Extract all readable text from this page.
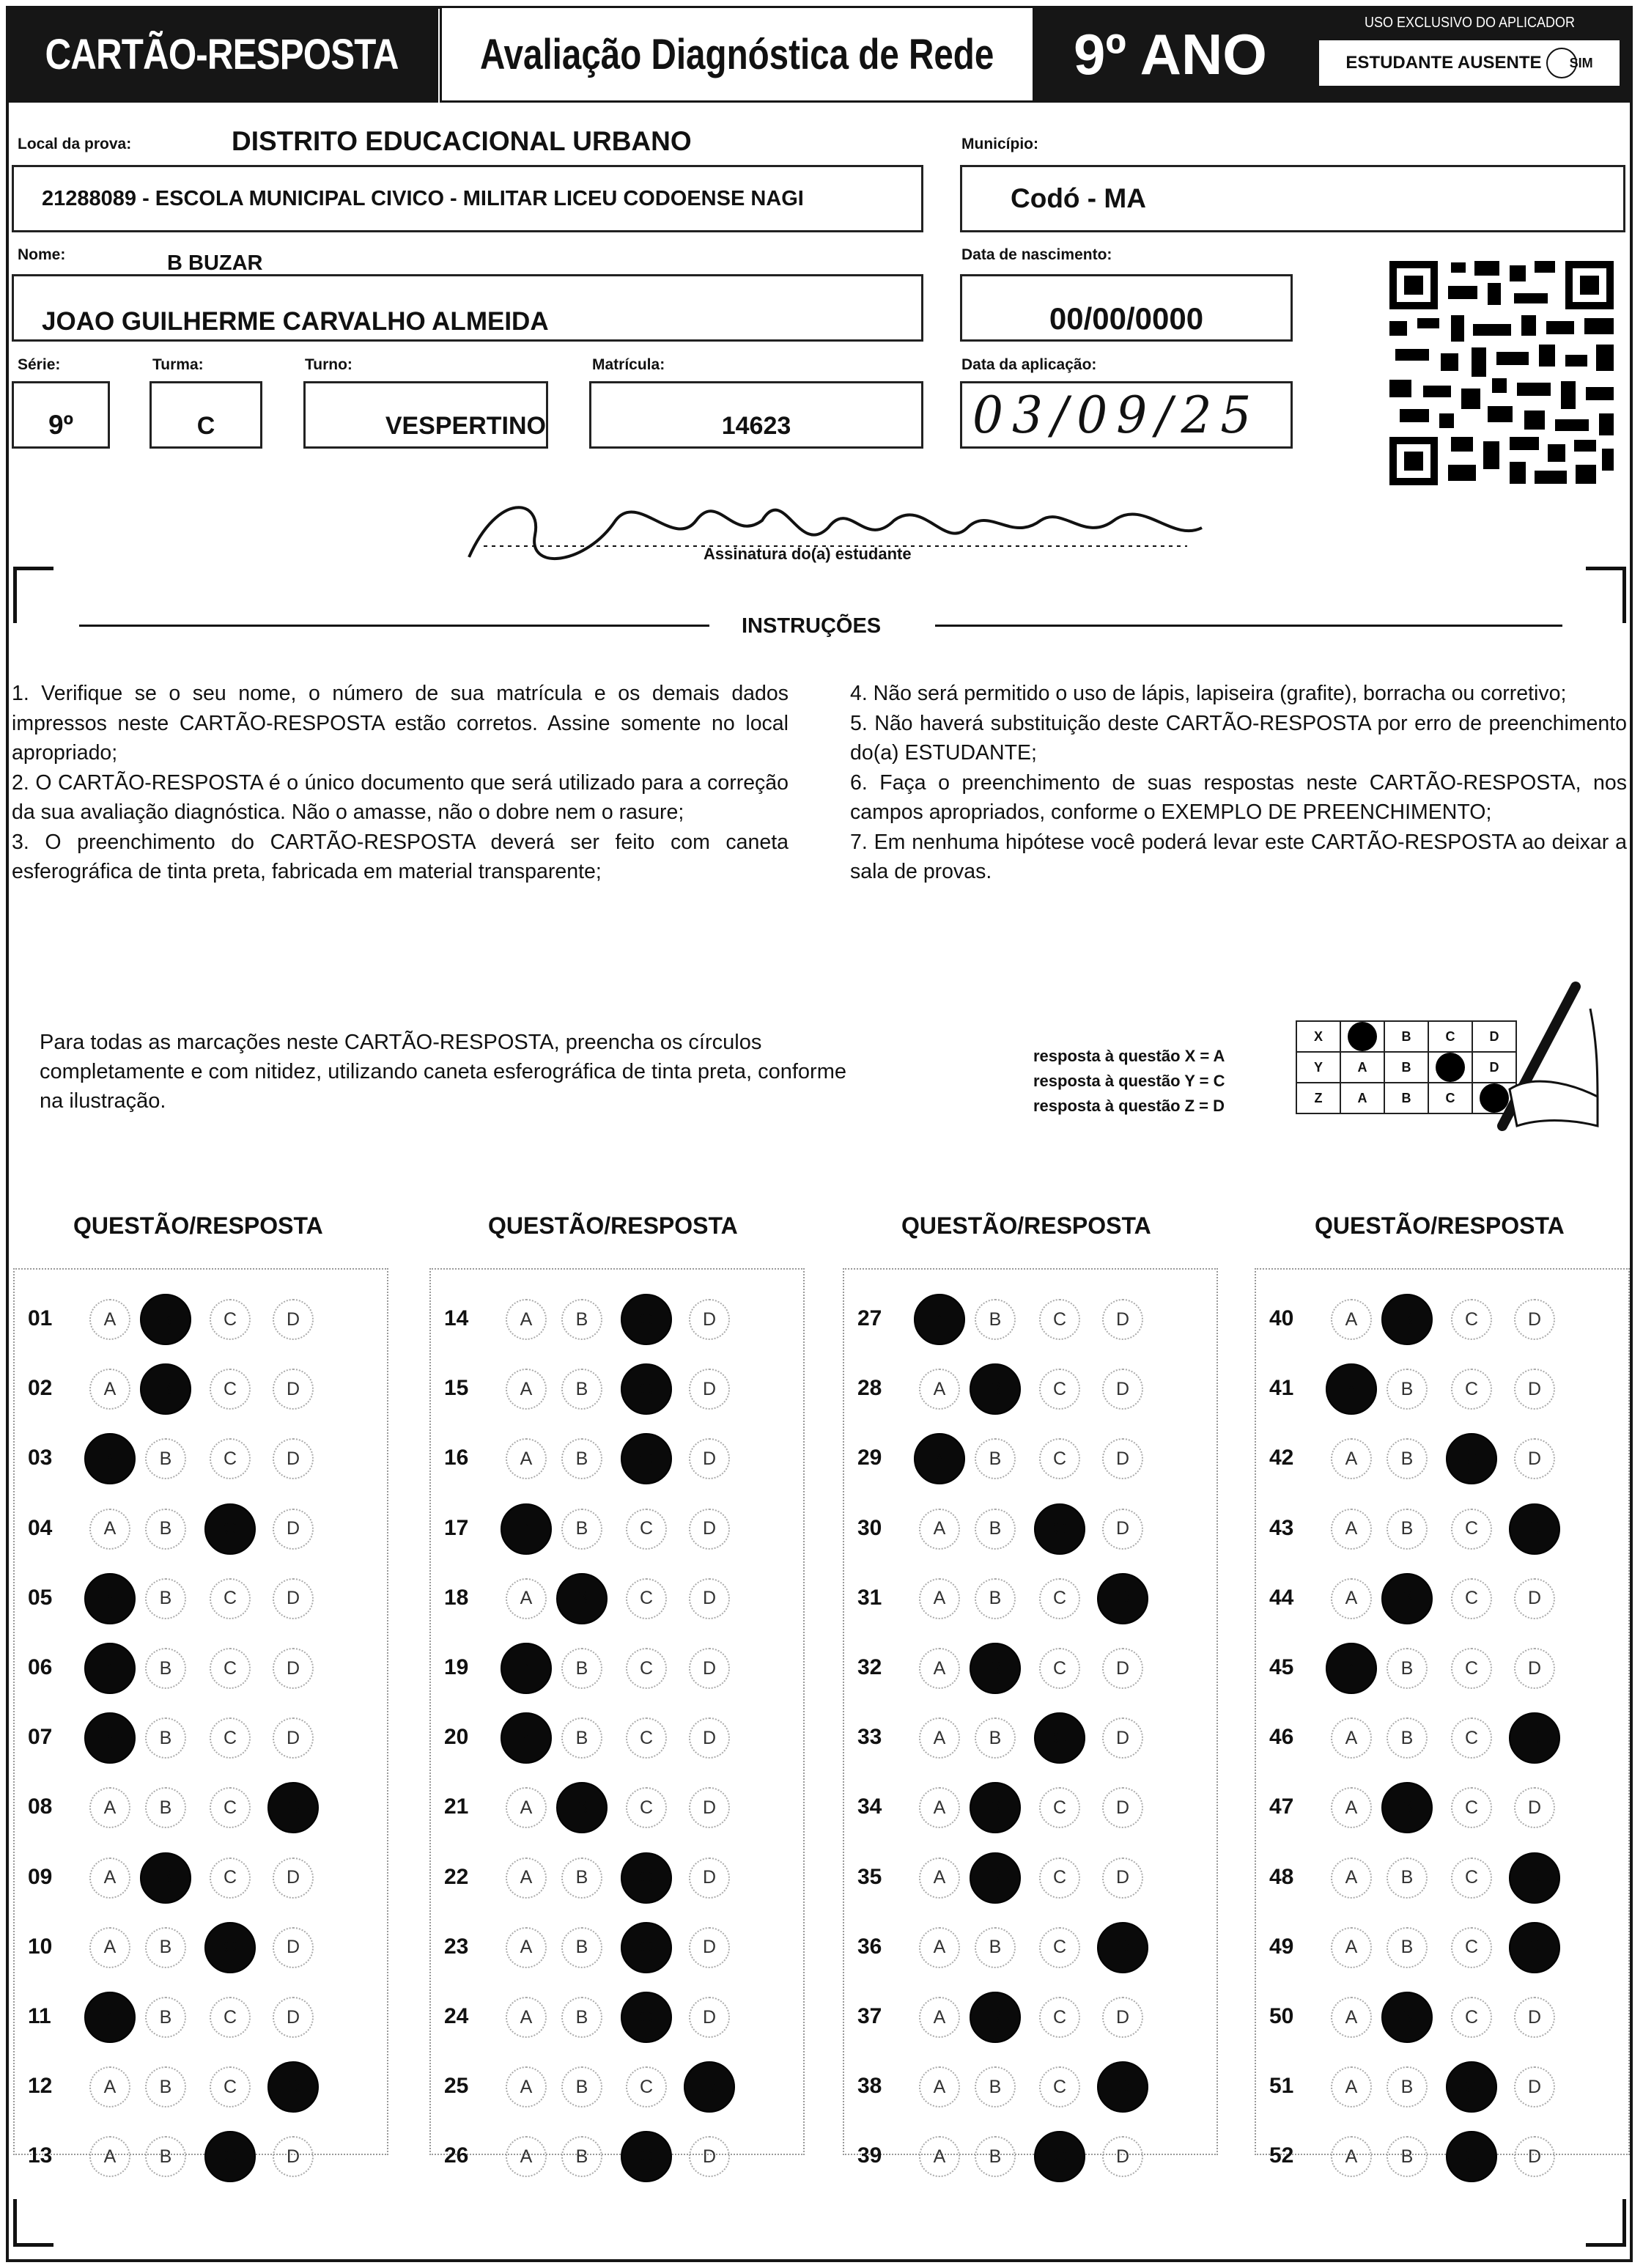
CARTÃO-RESPOSTA Avaliação Diagnóstica de Rede 9º ANO	USO EXCLUSIVO DO APLICADOR
ESTUDANTE AUSENTE SIM
Local da prova:	DISTRITO EDUCACIONAL URBANO
21288089 - ESCOLA MUNICIPAL CIVICO - MILITAR LICEU CODOENSE NAGI
Município:
Codó - MA
Nome:	B BUZAR
JOAO GUILHERME CARVALHO ALMEIDA
Data de nascimento:
00/00/0000
Série:
9º
Turma:
C
Turno:
VESPERTINO
Matrícula:
14623
Data da aplicação:
03/09/25
Assinatura do(a) estudante
INSTRUÇÕES

1. Verifique se o seu nome, o número de sua matrícula e os demais dados impressos neste CARTÃO-RESPOSTA estão corretos. Assine somente no local apropriado;

2. O CARTÃO-RESPOSTA é o único documento que será utilizado para a correção da sua avaliação diagnóstica. Não o amasse, não o dobre nem o rasure;

3. O preenchimento do CARTÃO-RESPOSTA deverá ser feito com caneta esferográfica de tinta preta, fabricada em material transparente;

4. Não será permitido o uso de lápis, lapiseira (grafite), borracha ou corretivo;

5. Não haverá substituição deste CARTÃO-RESPOSTA por erro de preenchimento do(a) ESTUDANTE;

6. Faça o preenchimento de suas respostas neste CARTÃO-RESPOSTA, nos campos apropriados, conforme o EXEMPLO DE PREENCHIMENTO;

7. Em nenhuma hipótese você poderá levar este CARTÃO-RESPOSTA ao deixar a sala de provas.

Para todas as marcações neste CARTÃO-RESPOSTA, preencha os círculos completamente e com nitidez, utilizando caneta esferográfica de tinta preta, conforme na ilustração.
resposta à questão X = A
resposta à questão Y = C
resposta à questão Z = D
X		B	C	D
Y	A	B		D
Z	A	B	C	
QUESTÃO/RESPOSTA	QUESTÃO/RESPOSTA	QUESTÃO/RESPOSTA	QUESTÃO/RESPOSTA
01	A	B	C	D
02	A	B	C	D
03	A	B	C	D
04	A	B	C	D
05	A	B	C	D
06	A	B	C	D
07	A	B	C	D
08	A	B	C	D
09	A	B	C	D
10	A	B	C	D
11	A	B	C	D
12	A	B	C	D
13	A	B	C	D
14	A	B	C	D
15	A	B	C	D
16	A	B	C	D
17	A	B	C	D
18	A	B	C	D
19	A	B	C	D
20	A	B	C	D
21	A	B	C	D
22	A	B	C	D
23	A	B	C	D
24	A	B	C	D
25	A	B	C	D
26	A	B	C	D
27	A	B	C	D
28	A	B	C	D
29	A	B	C	D
30	A	B	C	D
31	A	B	C	D
32	A	B	C	D
33	A	B	C	D
34	A	B	C	D
35	A	B	C	D
36	A	B	C	D
37	A	B	C	D
38	A	B	C	D
39	A	B	C	D
40	A	B	C	D
41	A	B	C	D
42	A	B	C	D
43	A	B	C	D
44	A	B	C	D
45	A	B	C	D
46	A	B	C	D
47	A	B	C	D
48	A	B	C	D
49	A	B	C	D
50	A	B	C	D
51	A	B	C	D
52	A	B	C	D
